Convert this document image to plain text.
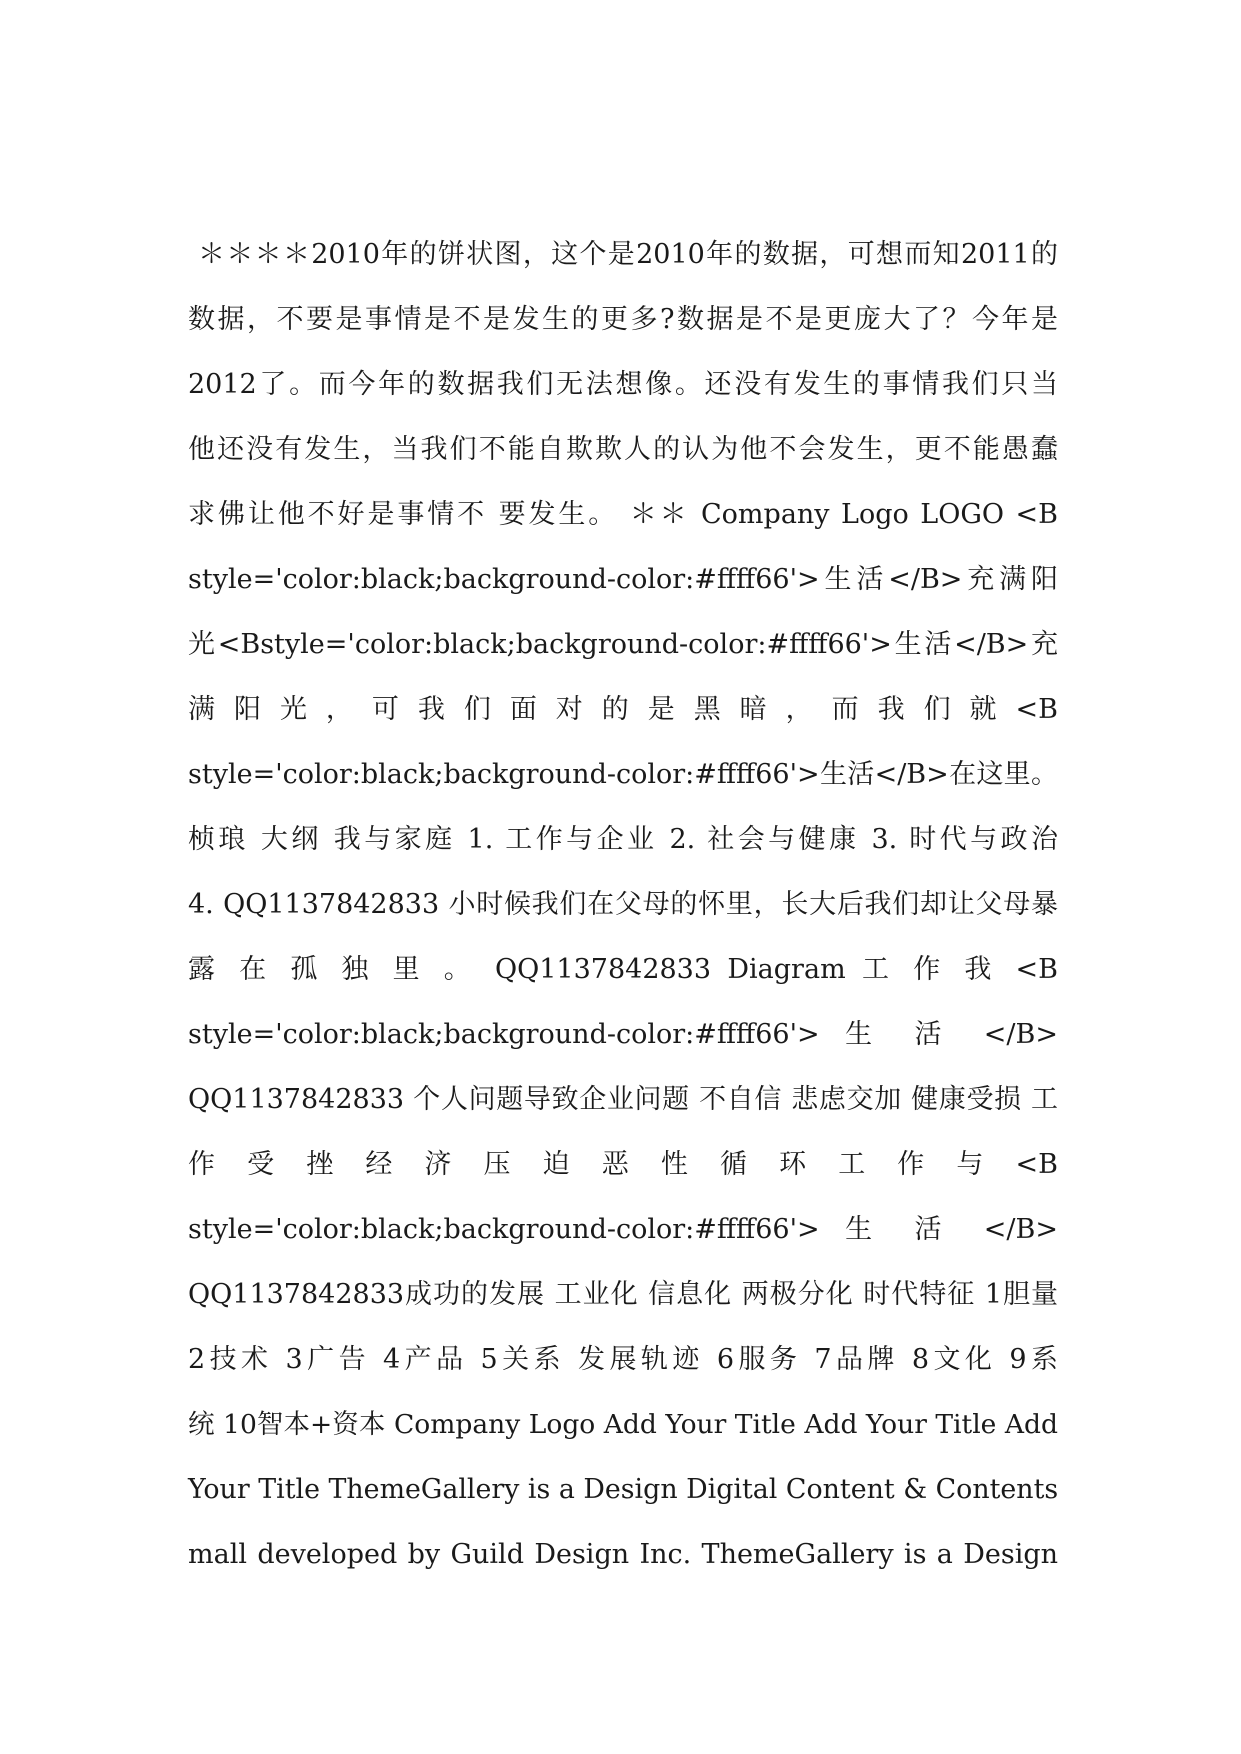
＊＊＊＊2010年的饼状图，这个是2010年的数据，可想而知2011的
数据，不要是事情是不是发生的更多?数据是不是更庞大了？今年是
2012了。而今年的数据我们无法想像。还没有发生的事情我们只当
他还没有发生，当我们不能自欺欺人的认为他不会发生，更不能愚蠢
求佛让他不好是事情不 要发生。 ＊＊ Company Logo LOGO <B
style='color:black;background-color:#ffff66'>生活</B>充满阳
光<Bstyle='color:black;background-color:#ffff66'>生活</B>充
满 阳 光 ， 可 我 们 面 对 的 是 黑 暗 ， 而 我 们 就 <B
style='color:black;background-color:#ffff66'>生活</B>在这里。
桢琅 大纲 我与家庭 1. 工作与企业 2. 社会与健康 3. 时代与政治
4. QQ1137842833 小时候我们在父母的怀里，长大后我们却让父母暴
露 在 孤 独 里 。 QQ1137842833 Diagram 工 作 我 <B
style='color:black;background-color:#ffff66'> 生 活 </B>
QQ1137842833 个人问题导致企业问题 不自信 悲虑交加 健康受损 工
作 受 挫 经 济 压 迫 恶 性 循 环 工 作 与 <B
style='color:black;background-color:#ffff66'> 生 活 </B>
QQ1137842833成功的发展 工业化 信息化 两极分化 时代特征 1胆量
2技术 3广告 4产品 5关系 发展轨迹 6服务 7品牌 8文化 9系
统 10智本+资本 Company Logo Add Your Title Add Your Title Add
Your Title ThemeGallery is a Design Digital Content & Contents
mall developed by Guild Design Inc. ThemeGallery is a Design
